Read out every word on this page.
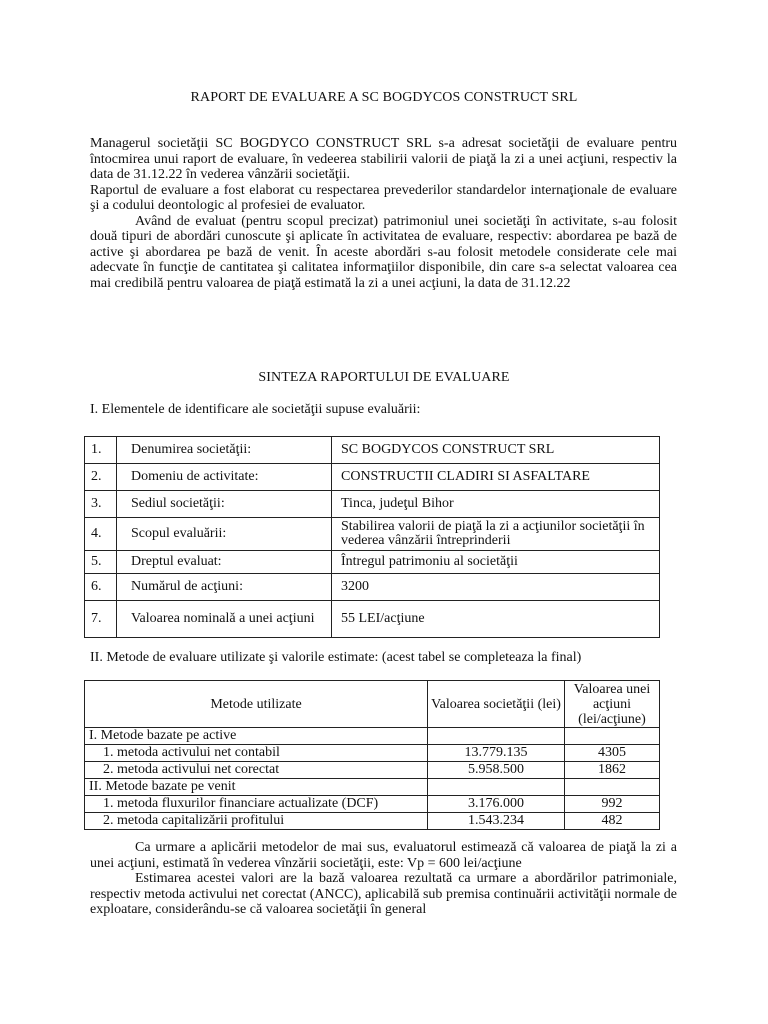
RAPORT DE EVALUARE A SC BOGDYCOS CONSTRUCT SRL

Managerul societăţii SC BOGDYCO CONSTRUCT SRL s-a adresat societăţii de evaluare pentru întocmirea unui raport de evaluare, în vedeerea stabilirii valorii de piaţă la zi a unei acţiuni, respectiv la data de 31.12.22 în vederea vânzării societăţii.

Raportul de evaluare a fost elaborat cu respectarea prevederilor standardelor internaţionale de evaluare şi a codului deontologic al profesiei de evaluator.

Având de evaluat (pentru scopul precizat) patrimoniul unei societăţi în activitate, s-au folosit două tipuri de abordări cunoscute şi aplicate în activitatea de evaluare, respectiv: abordarea pe bază de active şi abordarea pe bază de venit. În aceste abordări s-au folosit metodele considerate cele mai adecvate în funcţie de cantitatea şi calitatea informaţiilor disponibile, din care s-a selectat valoarea cea mai credibilă pentru valoarea de piaţă estimată la zi a unei acţiuni, la data de 31.12.22

SINTEZA RAPORTULUI DE EVALUARE
I. Elementele de identificare ale societăţii supuse evaluării:
1.	Denumirea societăţii:	SC BOGDYCOS CONSTRUCT SRL
2.	Domeniu de activitate:	CONSTRUCTII CLADIRI SI ASFALTARE
3.	Sediul societăţii:	Tinca, judeţul Bihor
4.	Scopul evaluării:	Stabilirea valorii de piaţă la zi a acţiunilor societăţii în vederea vânzării întreprinderii
5.	Dreptul evaluat:	Întregul patrimoniu al societăţii
6.	Numărul de acţiuni:	3200
7.	Valoarea nominală a unei acţiuni	55 LEI/acţiune
II. Metode de evaluare utilizate şi valorile estimate: (acest tabel se completeaza la final)
Metode utilizate	Valoarea societăţii (lei)	Valoarea unei acţiuni (lei/acţiune)
I. Metode bazate pe active		
1. metoda activului net contabil	13.779.135	4305
2. metoda activului net corectat	5.958.500	1862
II. Metode bazate pe venit		
1. metoda fluxurilor financiare actualizate (DCF)	3.176.000	992
2. metoda capitalizării profitului	1.543.234	482

Ca urmare a aplicării metodelor de mai sus, evaluatorul estimează că valoarea de piaţă la zi a unei acţiuni, estimată în vederea vînzării societăţii, este: Vp = 600 lei/acţiune

Estimarea acestei valori are la bază valoarea rezultată ca urmare a abordărilor patrimoniale, respectiv metoda activului net corectat (ANCC), aplicabilă sub premisa continuării activităţii normale de exploatare, considerându-se că valoarea societăţii în general
